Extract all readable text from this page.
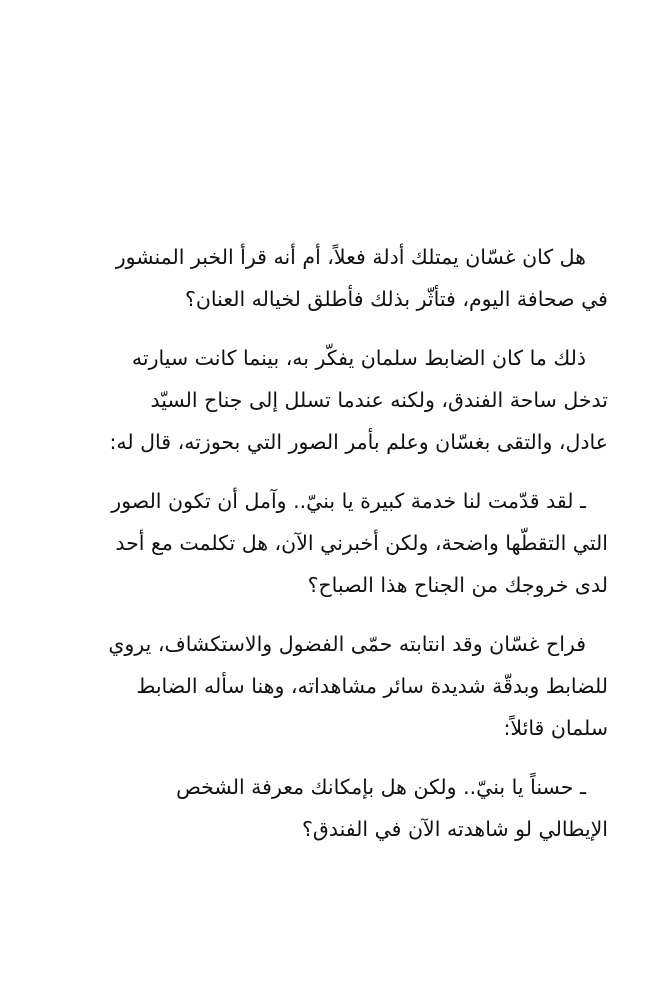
هل كان غسّان يمتلك أدلة فعلاً، أم أنه قرأ الخبر المنشور
في صحافة اليوم، فتأثّر بذلك فأطلق لخياله العنان؟

ذلك ما كان الضابط سلمان يفكّر به، بينما كانت سيارته
تدخل ساحة الفندق، ولكنه عندما تسلل إلى جناح السيّد
عادل، والتقى بغسّان وعلم بأمر الصور التي بحوزته، قال له:

ـ لقد قدّمت لنا خدمة كبيرة يا بنيّ.. وآمل أن تكون الصور
التي التقطّها واضحة، ولكن أخبرني الآن، هل تكلمت مع أحد
لدى خروجك من الجناح هذا الصباح؟

فراح غسّان وقد انتابته حمّى الفضول والاستكشاف، يروي
للضابط وبدقّة شديدة سائر مشاهداته، وهنا سأله الضابط
سلمان قائلاً:

ـ حسناً يا بنيّ.. ولكن هل بإمكانك معرفة الشخص
الإيطالي لو شاهدته الآن في الفندق؟
